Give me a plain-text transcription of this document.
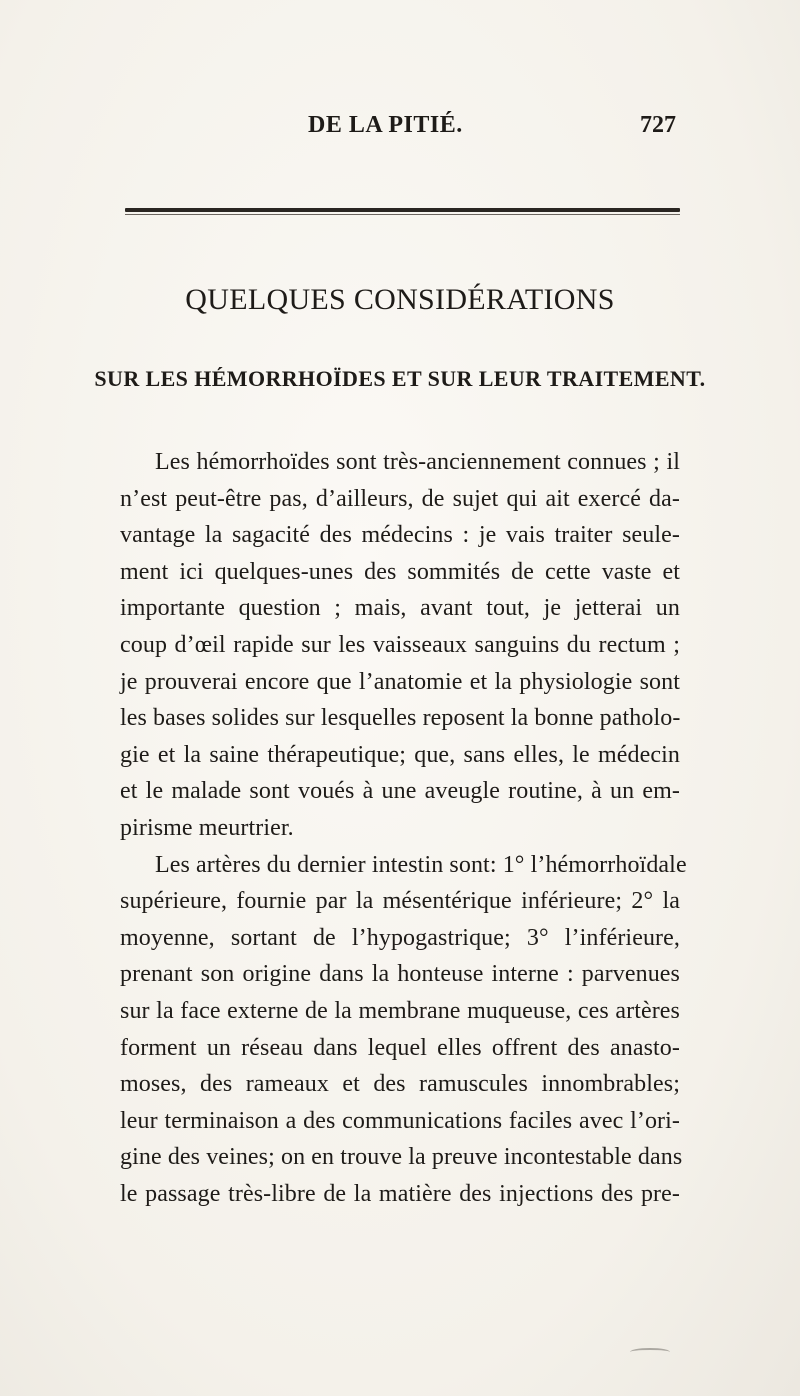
DE LA PITIÉ.	727
QUELQUES CONSIDÉRATIONS
SUR LES HÉMORRHOÏDES ET SUR LEUR TRAITEMENT.
Les hémorrhoïdes sont très-anciennement connues ; il
n’est peut-être pas, d’ailleurs, de sujet qui ait exercé da-
vantage la sagacité des médecins : je vais traiter seule-
ment ici quelques-unes des sommités de cette vaste et
importante question ; mais, avant tout, je jetterai un
coup d’œil rapide sur les vaisseaux sanguins du rectum ;
je prouverai encore que l’anatomie et la physiologie sont
les bases solides sur lesquelles reposent la bonne patholo-
gie et la saine thérapeutique; que, sans elles, le médecin
et le malade sont voués à une aveugle routine, à un em-
pirisme meurtrier.
Les artères du dernier intestin sont: 1° l’hémorrhoïdale
supérieure, fournie par la mésentérique inférieure; 2° la
moyenne, sortant de l’hypogastrique; 3° l’inférieure,
prenant son origine dans la honteuse interne : parvenues
sur la face externe de la membrane muqueuse, ces artères
forment un réseau dans lequel elles offrent des anasto-
moses, des rameaux et des ramuscules innombrables;
leur terminaison a des communications faciles avec l’ori-
gine des veines; on en trouve la preuve incontestable dans
le passage très-libre de la matière des injections des pre-
